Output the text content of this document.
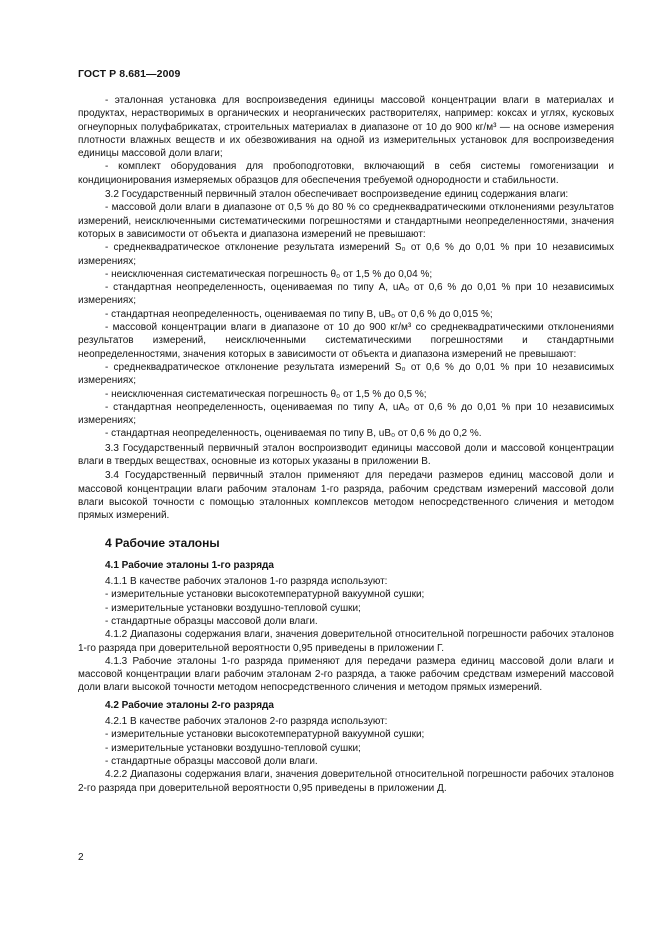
ГОСТ Р 8.681—2009

- эталонная установка для воспроизведения единицы массовой концентрации влаги в материалах и продуктах, нерастворимых в органических и неорганических растворителях, например: коксах и углях, кусковых огнеупорных полуфабрикатах, строительных материалах в диапазоне от 10 до 900 кг/м³ — на основе измерения плотности влажных веществ и их обезвоживания на одной из измерительных установок для воспроизведения единицы массовой доли влаги;

- комплект оборудования для пробоподготовки, включающий в себя системы гомогенизации и кондиционирования измеряемых образцов для обеспечения требуемой однородности и стабильности.

3.2 Государственный первичный эталон обеспечивает воспроизведение единиц содержания влаги:

- массовой доли влаги в диапазоне от 0,5 % до 80 % со среднеквадратическими отклонениями результатов измерений, неисключенными систематическими погрешностями и стандартными неопределенностями, значения которых в зависимости от объекта и диапазона измерений не превышают:

- среднеквадратическое отклонение результата измерений S₀ от 0,6 % до 0,01 % при 10 независимых измерениях;

- неисключенная систематическая погрешность θ₀ от 1,5 % до 0,04 %;

- стандартная неопределенность, оцениваемая по типу А, uA₀ от 0,6 % до 0,01 % при 10 независимых измерениях;

- стандартная неопределенность, оцениваемая по типу В, uB₀ от 0,6 % до 0,015 %;

- массовой концентрации влаги в диапазоне от 10 до 900 кг/м³ со среднеквадратическими отклонениями результатов измерений, неисключенными систематическими погрешностями и стандартными неопределенностями, значения которых в зависимости от объекта и диапазона измерений не превышают:

- среднеквадратическое отклонение результата измерений S₀ от 0,6 % до 0,01 % при 10 независимых измерениях;

- неисключенная систематическая погрешность θ₀ от 1,5 % до 0,5 %;

- стандартная неопределенность, оцениваемая по типу А, uA₀ от 0,6 % до 0,01 % при 10 независимых измерениях;

- стандартная неопределенность, оцениваемая по типу В, uB₀ от 0,6 % до 0,2 %.

3.3 Государственный первичный эталон воспроизводит единицы массовой доли и массовой концентрации влаги в твердых веществах, основные из которых указаны в приложении В.

3.4 Государственный первичный эталон применяют для передачи размеров единиц массовой доли и массовой концентрации влаги рабочим эталонам 1-го разряда, рабочим средствам измерений массовой доли влаги высокой точности с помощью эталонных комплексов методом непосредственного сличения и методом прямых измерений.

4 Рабочие эталоны
4.1 Рабочие эталоны 1-го разряда

4.1.1 В качестве рабочих эталонов 1-го разряда используют:

- измерительные установки высокотемпературной вакуумной сушки;

- измерительные установки воздушно-тепловой сушки;

- стандартные образцы массовой доли влаги.

4.1.2 Диапазоны содержания влаги, значения доверительной относительной погрешности рабочих эталонов 1-го разряда при доверительной вероятности 0,95 приведены в приложении Г.

4.1.3 Рабочие эталоны 1-го разряда применяют для передачи размера единиц массовой доли влаги и массовой концентрации влаги рабочим эталонам 2-го разряда, а также рабочим средствам измерений массовой доли влаги высокой точности методом непосредственного сличения и методом прямых измерений.

4.2 Рабочие эталоны 2-го разряда

4.2.1 В качестве рабочих эталонов 2-го разряда используют:

- измерительные установки высокотемпературной вакуумной сушки;

- измерительные установки воздушно-тепловой сушки;

- стандартные образцы массовой доли влаги.

4.2.2 Диапазоны содержания влаги, значения доверительной относительной погрешности рабочих эталонов 2-го разряда при доверительной вероятности 0,95 приведены в приложении Д.

2
